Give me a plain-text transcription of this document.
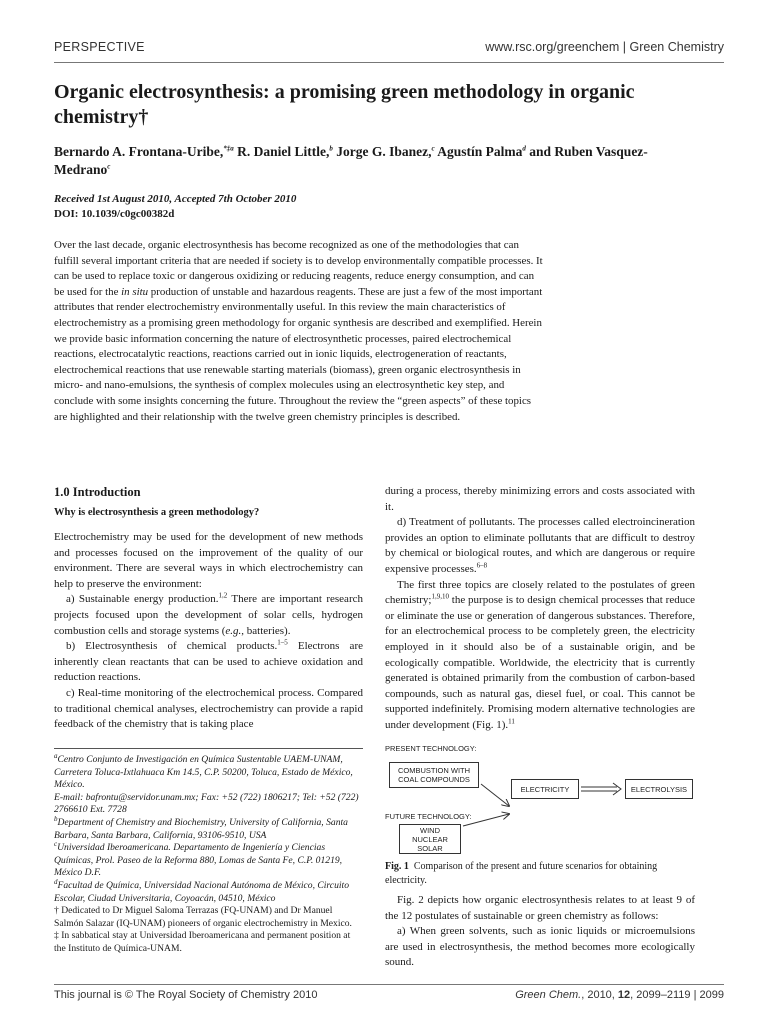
PERSPECTIVE	www.rsc.org/greenchem | Green Chemistry
Organic electrosynthesis: a promising green methodology in organic chemistry†
Bernardo A. Frontana-Uribe,$^{*\ddagger a}$ R. Daniel Little,$^b$ Jorge G. Ibanez,$^c$ Agustín Palma$^d$ and Ruben Vasquez-Medrano$^c$
Received 1st August 2010, Accepted 7th October 2010
DOI: 10.1039/c0gc00382d
Over the last decade, organic electrosynthesis has become recognized as one of the methodologies that can fulfill several important criteria that are needed if society is to develop environmentally compatible processes. It can be used to replace toxic or dangerous oxidizing or reducing reagents, reduce energy consumption, and can be used for the in situ production of unstable and hazardous reagents. These are just a few of the most important attributes that render electrochemistry environmentally useful. In this review the main characteristics of electrochemistry as a promising green methodology for organic synthesis are described and exemplified. Herein we provide basic information concerning the nature of electrosynthetic processes, paired electrochemical reactions, electrocatalytic reactions, reactions carried out in ionic liquids, electrogeneration of reactants, electrochemical reactions that use renewable starting materials (biomass), green organic electrosynthesis in micro- and nano-emulsions, the synthesis of complex molecules using an electrosynthetic key step, and conclude with some insights concerning the future. Throughout the review the “green aspects” of these topics are highlighted and their relationship with the twelve green chemistry principles is described.
1.0 Introduction
Why is electrosynthesis a green methodology?

Electrochemistry may be used for the development of new methods and processes focused on the improvement of the quality of our environment. There are several ways in which electrochemistry can help to preserve the environment:

a) Sustainable energy production.$^{1,2}$ There are important research projects focused upon the development of solar cells, hydrogen combustion cells and storage systems (e.g., batteries).

b) Electrosynthesis of chemical products.$^{1-5}$ Electrons are inherently clean reactants that can be used to achieve oxidation and reduction reactions.

c) Real-time monitoring of the electrochemical process. Compared to traditional chemical analyses, electrochemistry can provide a rapid feedback of the chemistry that is taking place

$^a$Centro Conjunto de Investigación en Química Sustentable UAEM-UNAM, Carretera Toluca-Ixtlahuaca Km 14.5, C.P. 50200, Toluca, Estado de México, México.
E-mail: bafrontu@servidor.unam.mx; Fax: +52 (722) 1806217; Tel: +52 (722) 2766610 Ext. 7728

$^b$Department of Chemistry and Biochemistry, University of California, Santa Barbara, Santa Barbara, California, 93106-9510, USA

$^c$Universidad Iberoamericana. Departamento de Ingeniería y Ciencias Químicas, Prol. Paseo de la Reforma 880, Lomas de Santa Fe, C.P. 01219, México D.F.

$^d$Facultad de Química, Universidad Nacional Autónoma de México, Circuito Escolar, Ciudad Universitaria, Coyoacán, 04510, México

† Dedicated to Dr Miguel Saloma Terrazas (FQ-UNAM) and Dr Manuel Salmón Salazar (IQ-UNAM) pioneers of organic electrochemistry in Mexico.

‡ In sabbatical stay at Universidad Iberoamericana and permanent position at the Instituto de Química-UNAM.

during a process, thereby minimizing errors and costs associated with it.

d) Treatment of pollutants. The processes called electroincineration provides an option to eliminate pollutants that are difficult to destroy by chemical or biological routes, and which are dangerous or require expensive processes.$^{6-8}$

The first three topics are closely related to the postulates of green chemistry;$^{1,9,10}$ the purpose is to design chemical processes that reduce or eliminate the use or generation of dangerous substances. Therefore, for an electrochemical process to be completely green, the electricity employed in it should also be of a sustainable origin, and be ecologically compatible. Worldwide, the electricity that is currently generated is obtained primarily from the combustion of carbon-based compounds, such as natural gas, diesel fuel, or coal. This cannot be supported indefinitely. Promising modern alternative technologies are under development (Fig. 1).$^{11}$

PRESENT TECHNOLOGY:
COMBUSTION WITH COAL COMPOUNDS
FUTURE TECHNOLOGY:
WIND
NUCLEAR
SOLAR
ELECTRICITY	ELECTROLYSIS
Fig. 1 Comparison of the present and future scenarios for obtaining electricity.

Fig. 2 depicts how organic electrosynthesis relates to at least 9 of the 12 postulates of sustainable or green chemistry as follows:

a) When green solvents, such as ionic liquids or microemulsions are used in electrosynthesis, the method becomes more ecologically sound.

This journal is © The Royal Society of Chemistry 2010	Green Chem., 2010, 12, 2099–2119 | 2099
